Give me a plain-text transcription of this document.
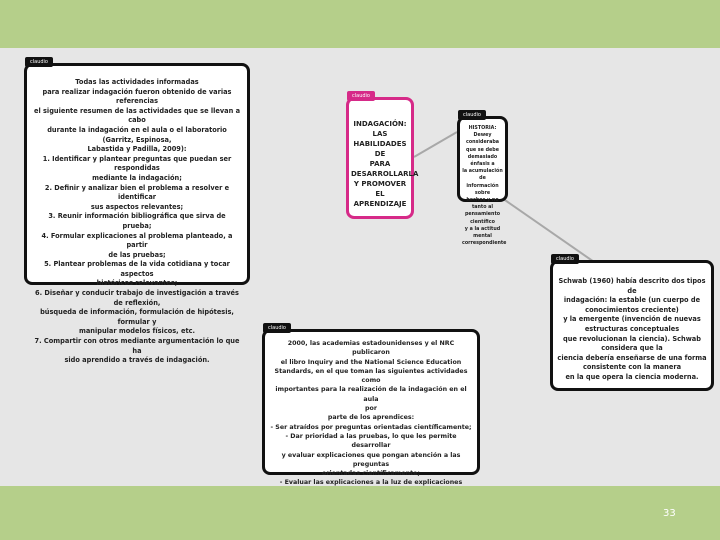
claudio
Todas las actividades informadas
para realizar indagación fueron obtenido de varias referencias
el siguiente resumen de las actividades que se llevan a cabo
durante la indagación en el aula o el laboratorio (Garritz, Espinosa,
Labastida y Padilla, 2009):
1. Identificar y plantear preguntas que puedan ser respondidas
mediante la indagación;
2. Definir y analizar bien el problema a resolver e identificar
sus aspectos relevantes;
3. Reunir información bibliográfica que sirva de
prueba;
4. Formular explicaciones al problema planteado, a partir
de las pruebas;
5. Plantear problemas de la vida cotidiana y tocar aspectos
históricos relevantes;
6. Diseñar y conducir trabajo de investigación a través de reflexión,
búsqueda de información, formulación de hipótesis, formular y
manipular modelos físicos, etc.
7. Compartir con otros mediante argumentación lo que ha
sido aprendido a través de indagación.
claudio
INDAGACIÓN:
LAS
HABILIDADES DE
PARA
DESARROLLARLA
Y PROMOVER EL
APRENDIZAJE
claudio
HISTORIA:
Dewey consideraba
que se debe
demasiado énfasis a
la acumulación de
información sobre
hechos y no tanto al
pensamiento científico
y a la actitud mental
correspondiente
claudio
Schwab (1960) había descrito dos tipos de
indagación: la estable (un cuerpo de
conocimientos creciente)
y la emergente (invención de nuevas
estructuras conceptuales
que revolucionan la ciencia). Schwab
considera que la
ciencia debería enseñarse de una forma
consistente con la manera
en la que opera la ciencia moderna.
claudio
2000, las academias estadounidenses y el NRC publicaron
el libro Inquiry and the National Science Education
Standards, en el que toman las siguientes actividades como
importantes para la realización de la indagación en el aula
por
parte de los aprendices:
- Ser atraídos por preguntas orientadas científicamente;
- Dar prioridad a las pruebas, lo que les permite desarrollar
y evaluar explicaciones que pongan atención a las preguntas
orientadas científicamente;
- Evaluar las explicaciones a la luz de explicaciones

33
